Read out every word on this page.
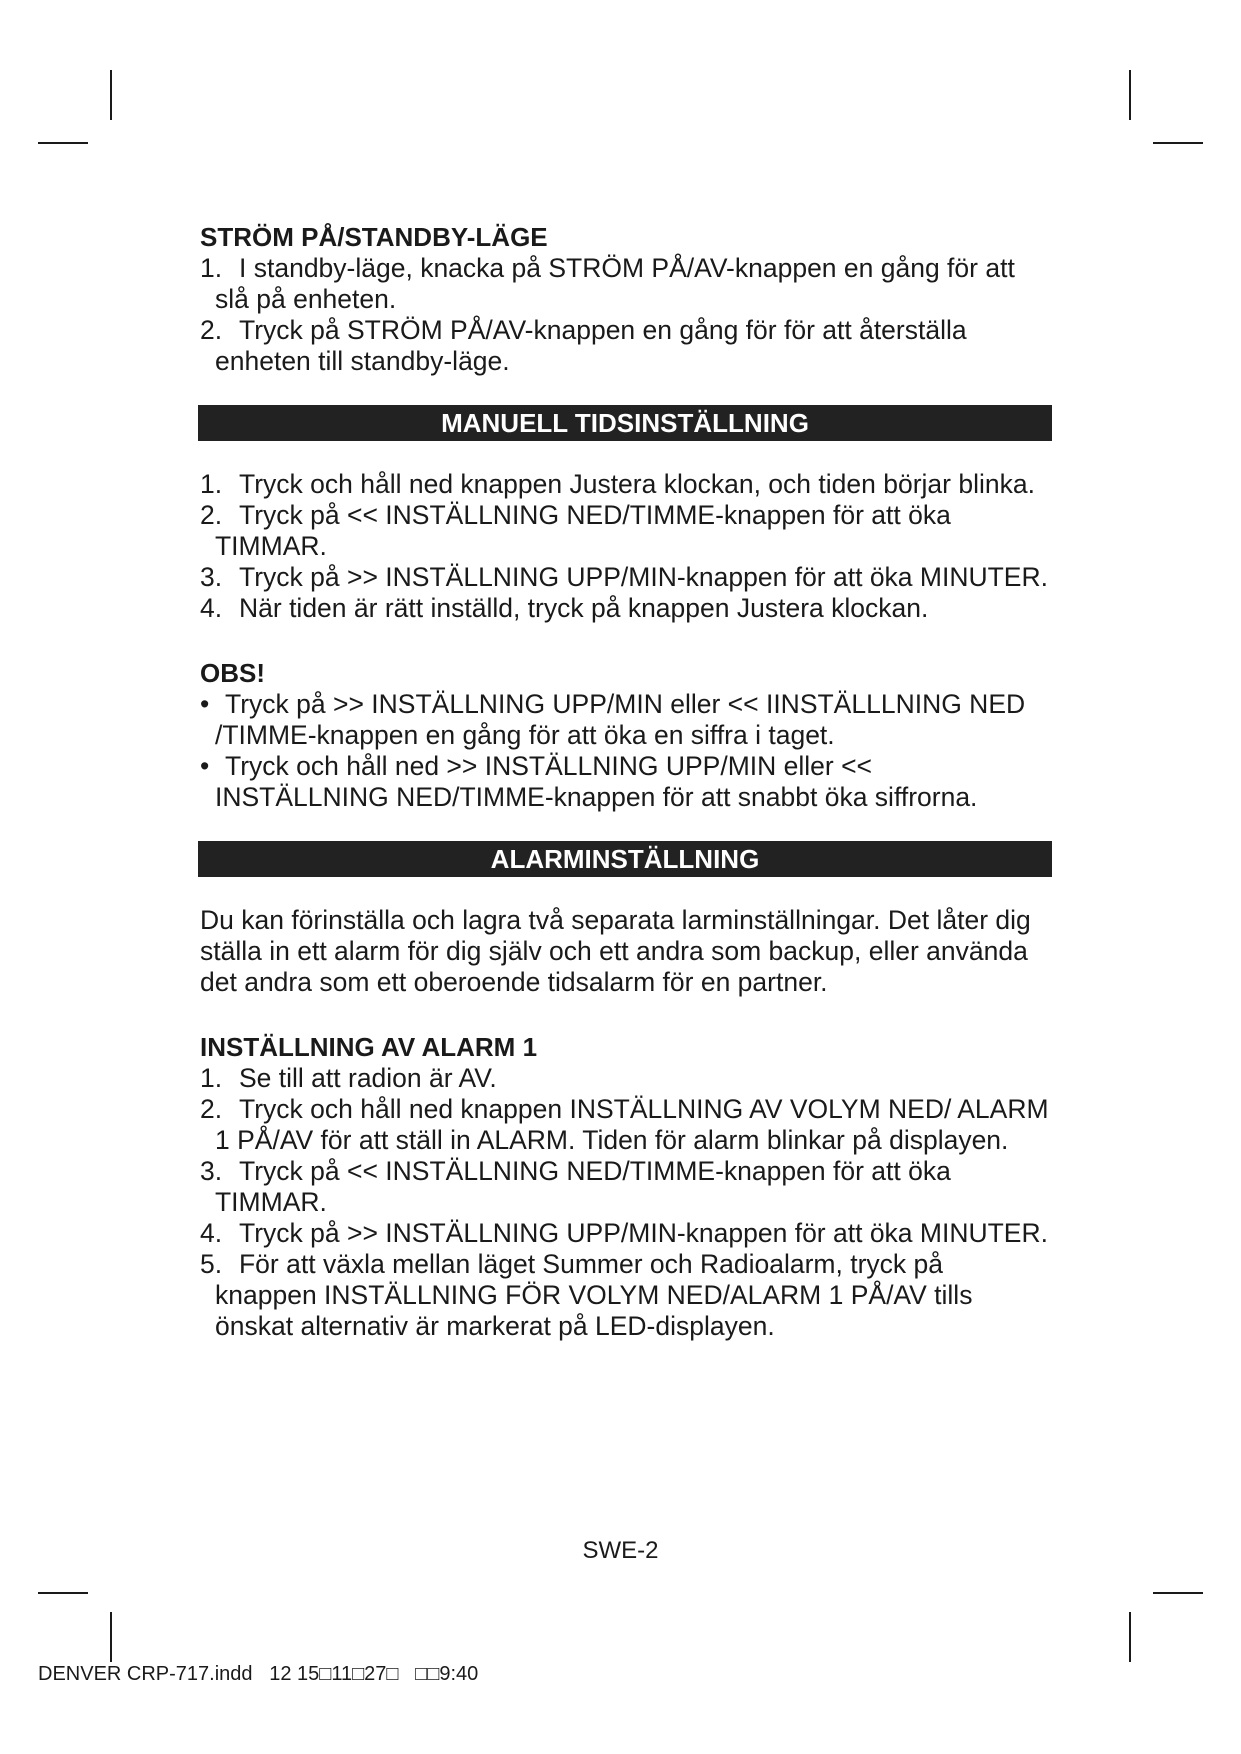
STRÖM PÅ/STANDBY-LÄGE

1. I standby-läge, knacka på STRÖM PÅ/AV-knappen en gång för att slå på enheten.

2. Tryck på STRÖM PÅ/AV-knappen en gång för för att återställa enheten till standby-läge.

MANUELL TIDSINSTÄLLNING

1. Tryck och håll ned knappen Justera klockan, och tiden börjar blinka.

2. Tryck på << INSTÄLLNING NED/TIMME-knappen för att öka TIMMAR.

3. Tryck på >> INSTÄLLNING UPP/MIN-knappen för att öka MINUTER.

4. När tiden är rätt inställd, tryck på knappen Justera klockan.

OBS!

• Tryck på >> INSTÄLLNING UPP/MIN eller << IINSTÄLLLNING NED /TIMME-knappen en gång för att öka en siffra i taget.

• Tryck och håll ned >> INSTÄLLNING UPP/MIN eller << INSTÄLLNING NED/TIMME-knappen för att snabbt öka siffrorna.

ALARMINSTÄLLNING

Du kan förinställa och lagra två separata larminställningar. Det låter dig ställa in ett alarm för dig själv och ett andra som backup, eller använda det andra som ett oberoende tidsalarm för en partner.

INSTÄLLNING AV ALARM 1

1. Se till att radion är AV.

2. Tryck och håll ned knappen INSTÄLLNING AV VOLYM NED/ ALARM 1 PÅ/AV för att ställ in ALARM. Tiden för alarm blinkar på displayen.

3. Tryck på << INSTÄLLNING NED/TIMME-knappen för att öka TIMMAR.

4. Tryck på >> INSTÄLLNING UPP/MIN-knappen för att öka MINUTER.

5. För att växla mellan läget Summer och Radioalarm, tryck på knappen INSTÄLLNING FÖR VOLYM NED/ALARM 1 PÅ/AV tills önskat alternativ är markerat på LED-displayen.

SWE-2
DENVER CRP-717.indd   12 15□11□27□   □□9:40
